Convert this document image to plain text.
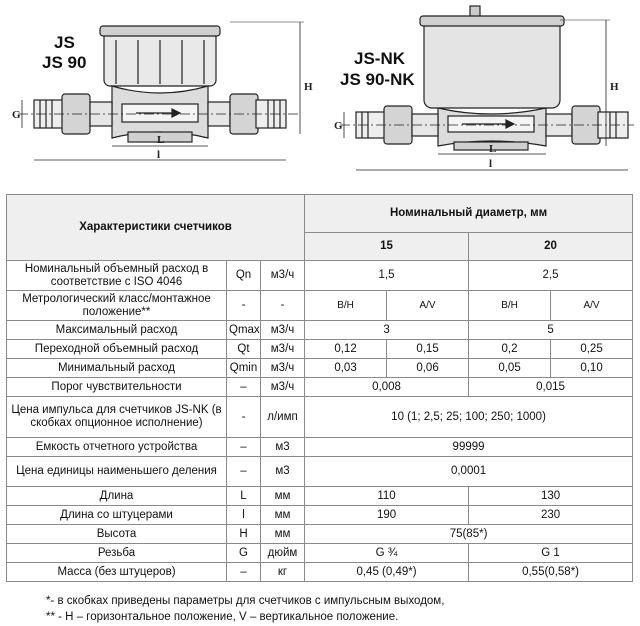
JS
JS 90
G
L
l
H
JS-NK
JS 90-NK
G
L
l
H
Характеристики счетчиков			Номинальный диаметр, мм			
			15		20	
Номинальный объемный расход в соответствие с ISO 4046	Qn	м3/ч	1,5		2,5	
Метрологический класс/монтажное положение**	-	-	B/H	A/V	B/H	A/V
Максимальный расход	Qmax	м3/ч	3		5	
Переходной объемный расход	Qt	м3/ч	0,12	0,15	0,2	0,25
Минимальный расход	Qmin	м3/ч	0,03	0,06	0,05	0,10
Порог чувствительности	–	м3/ч	0,008		0,015	
Цена импульса для счетчиков JS-NK (в скобках опционное исполнение)	-	л/имп	10 (1; 2,5; 25; 100; 250; 1000)			
Емкость отчетного устройства	–	м3	99999			
Цена единицы наименьшего деления	–	м3	0,0001			
Длина	L	мм	110		130	
Длина со штуцерами	l	мм	190		230	
Высота	H	мм	75(85*)			
Резьба	G	дюйм	G ¾		G 1	
Масса (без штуцеров)	–	кг	0,45 (0,49*)		0,55(0,58*)	
*- в скобках приведены параметры для счетчиков с импульсным выходом,
** - H – горизонтальное положение, V – вертикальное положение.
